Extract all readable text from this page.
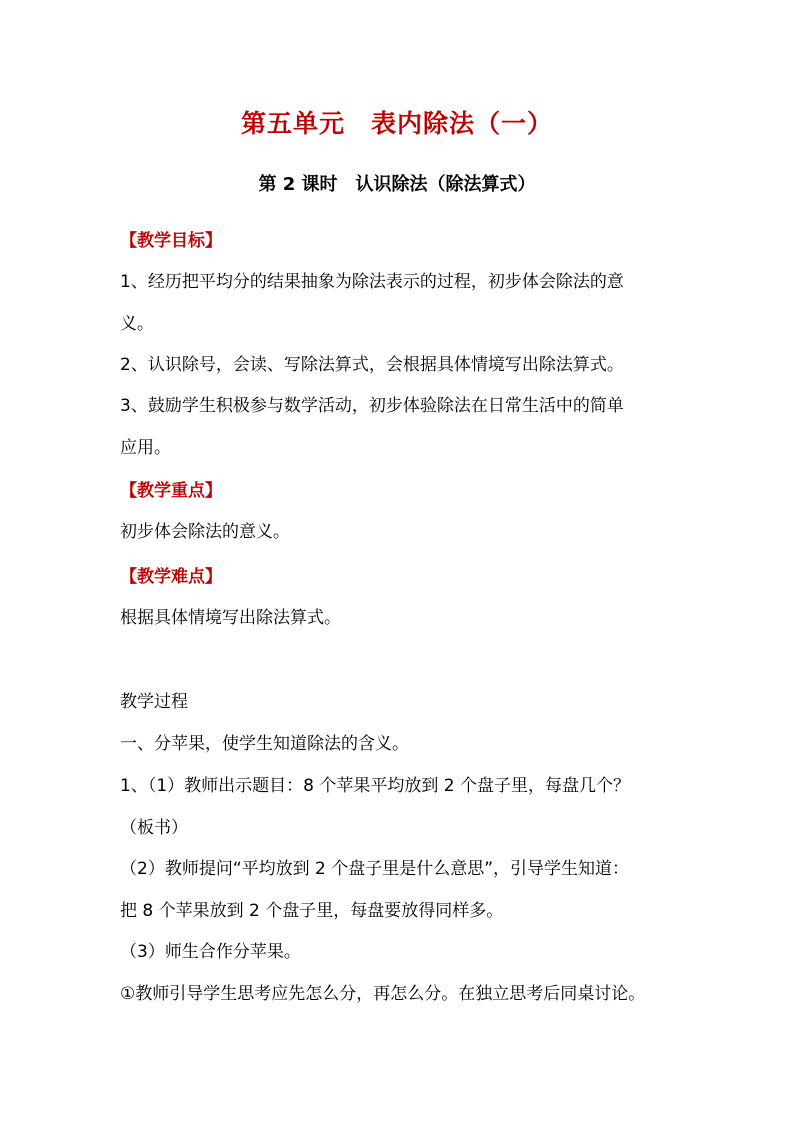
第五单元　表内除法（一）
第 2 课时　认识除法（除法算式）
【教学目标】
1、经历把平均分的结果抽象为除法表示的过程，初步体会除法的意
义。
2、认识除号，会读、写除法算式，会根据具体情境写出除法算式。
3、鼓励学生积极参与数学活动，初步体验除法在日常生活中的简单
应用。
【教学重点】
初步体会除法的意义。
【教学难点】
根据具体情境写出除法算式。
教学过程
一、分苹果，使学生知道除法的含义。
1、（1）教师出示题目：8 个苹果平均放到 2 个盘子里，每盘几个？
（板书）
（2）教师提问“平均放到 2 个盘子里是什么意思”，引导学生知道：
把 8 个苹果放到 2 个盘子里，每盘要放得同样多。
（3）师生合作分苹果。
①教师引导学生思考应先怎么分，再怎么分。在独立思考后同桌讨论。
